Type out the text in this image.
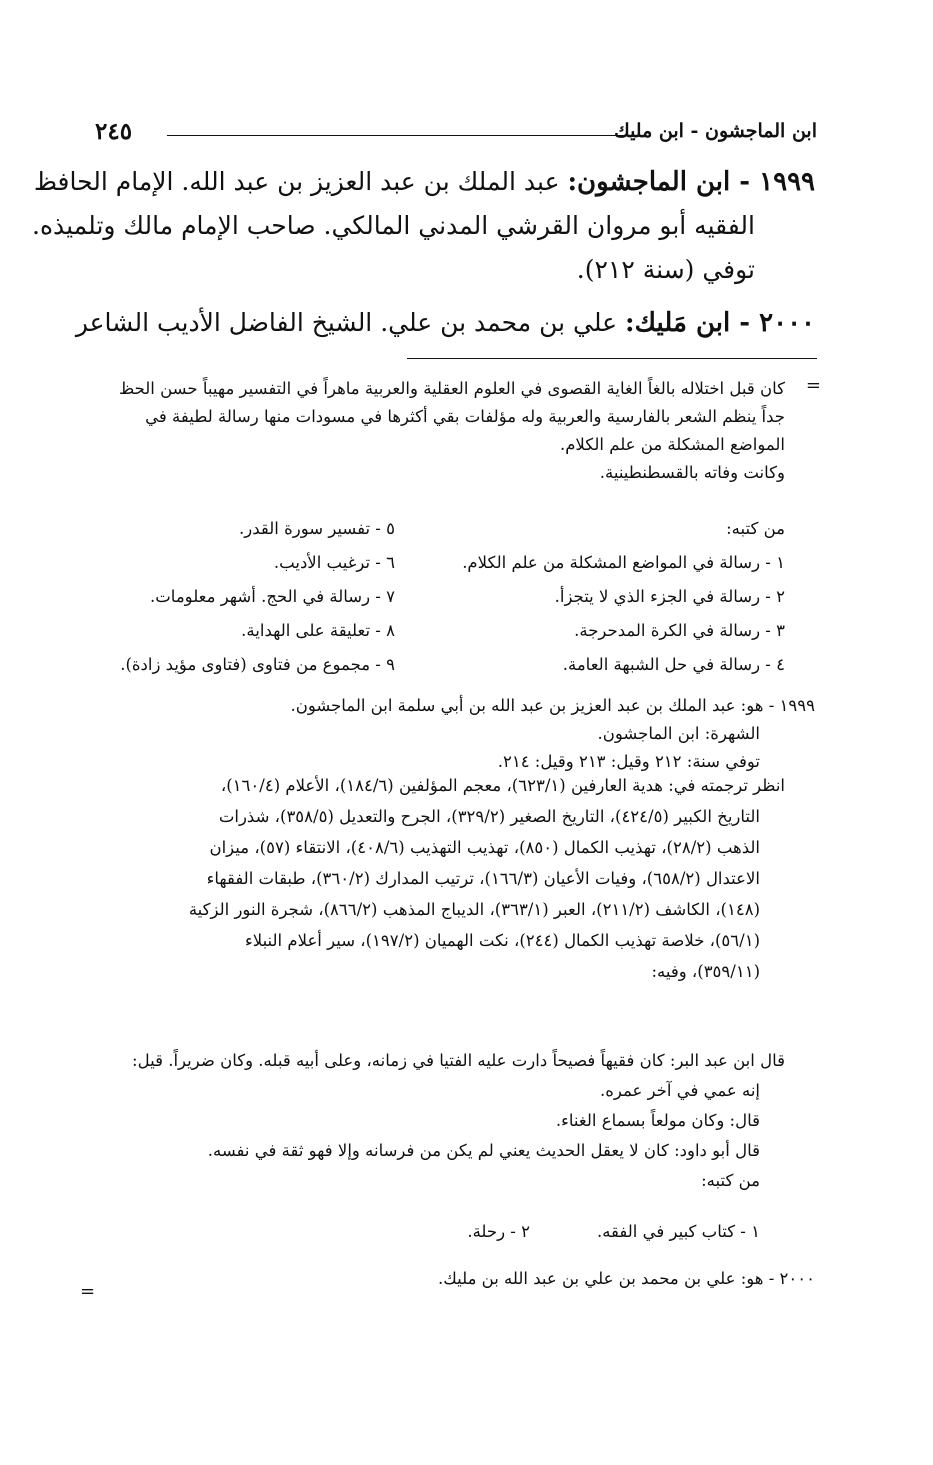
ابن الماجشون - ابن مليك
٢٤٥
١٩٩٩ - ابن الماجشون: عبد الملك بن عبد العزيز بن عبد الله. الإمام الحافظ
الفقيه أبو مروان القرشي المدني المالكي. صاحب الإمام مالك وتلميذه.
توفي (سنة ٢١٢).
٢٠٠٠ - ابن مَليك: علي بن محمد بن علي. الشيخ الفاضل الأديب الشاعر
=
كان قبل اختلاله بالغاً الغاية القصوى في العلوم العقلية والعربية ماهراً في التفسير مهيباً حسن الحظ
جداً ينظم الشعر بالفارسية والعربية وله مؤلفات بقي أكثرها في مسودات منها رسالة لطيفة في
المواضع المشكلة من علم الكلام.
وكانت وفاته بالقسطنطينية.
من كتبه:
٥ - تفسير سورة القدر.
١ - رسالة في المواضع المشكلة من علم الكلام.
٦ - ترغيب الأديب.
٢ - رسالة في الجزء الذي لا يتجزأ.
٧ - رسالة في الحج. أشهر معلومات.
٣ - رسالة في الكرة المدحرجة.
٨ - تعليقة على الهداية.
٤ - رسالة في حل الشبهة العامة.
٩ - مجموع من فتاوى (فتاوى مؤيد زادة).
١٩٩٩ - هو: عبد الملك بن عبد العزيز بن عبد الله بن أبي سلمة ابن الماجشون.
الشهرة: ابن الماجشون.
توفي سنة: ٢١٢ وقيل: ٢١٣ وقيل: ٢١٤.
انظر ترجمته في: هدية العارفين (٦٢٣/١)، معجم المؤلفين (١٨٤/٦)، الأعلام (١٦٠/٤)،
التاريخ الكبير (٤٢٤/٥)، التاريخ الصغير (٣٢٩/٢)، الجرح والتعديل (٣٥٨/٥)، شذرات
الذهب (٢٨/٢)، تهذيب الكمال (٨٥٠)، تهذيب التهذيب (٤٠٨/٦)، الانتقاء (٥٧)، ميزان
الاعتدال (٦٥٨/٢)، وفيات الأعيان (١٦٦/٣)، ترتيب المدارك (٣٦٠/٢)، طبقات الفقهاء
(١٤٨)، الكاشف (٢١١/٢)، العبر (٣٦٣/١)، الديباج المذهب (٨٦٦/٢)، شجرة النور الزكية
(٥٦/١)، خلاصة تهذيب الكمال (٢٤٤)، نكت الهميان (١٩٧/٢)، سير أعلام النبلاء
(٣٥٩/١١)، وفيه:
قال ابن عبد البر: كان فقيهاً فصيحاً دارت عليه الفتيا في زمانه، وعلى أبيه قبله. وكان ضريراً. قيل:
إنه عمي في آخر عمره.
قال: وكان مولعاً بسماع الغناء.
قال أبو داود: كان لا يعقل الحديث يعني لم يكن من فرسانه وإلا فهو ثقة في نفسه.
من كتبه:
١ - كتاب كبير في الفقه.
٢ - رحلة.
٢٠٠٠ - هو: علي بن محمد بن علي بن عبد الله بن مليك.
=
